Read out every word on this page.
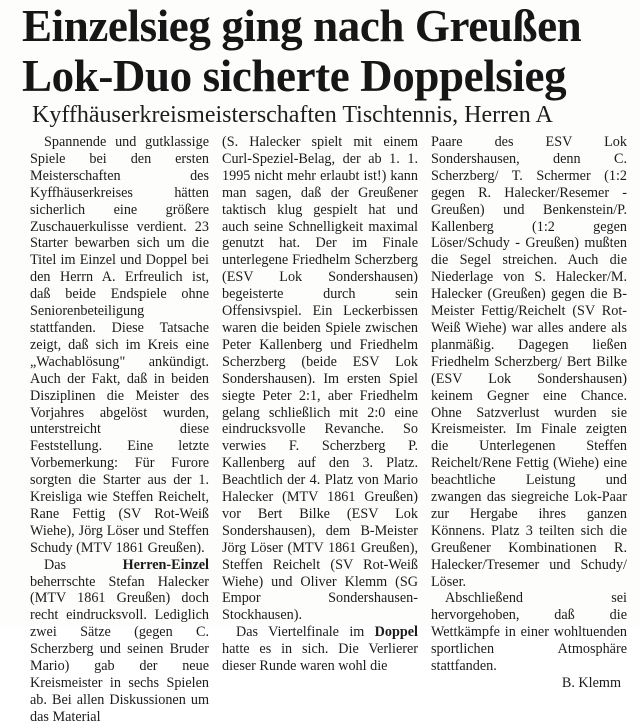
Einzelsieg ging nach Greußen
Lok-Duo sicherte Doppelsieg
Kyffhäuserkreismeisterschaften Tischtennis, Herren A

Spannende und gutklassige Spiele bei den ersten Meisterschaften des Kyffhäuserkreises hätten sicherlich eine größere Zuschauerkulisse verdient. 23 Starter bewarben sich um die Titel im Einzel und Doppel bei den Herrn A. Erfreulich ist, daß beide Endspiele ohne Seniorenbeteiligung stattfanden. Diese Tatsache zeigt, daß sich im Kreis eine „Wachablösung" ankündigt. Auch der Fakt, daß in beiden Disziplinen die Meister des Vorjahres abgelöst wurden, unterstreicht diese Feststellung. Eine letzte Vorbemerkung: Für Furore sorgten die Starter aus der 1. Kreisliga wie Steffen Reichelt, Rane Fettig (SV Rot-Weiß Wiehe), Jörg Löser und Steffen Schudy (MTV 1861 Greußen).

Das	Herren-Einzel beherrschte Stefan Halecker (MTV 1861 Greußen) doch recht eindrucksvoll. Lediglich zwei Sätze (gegen C. Scherzberg und seinen Bruder Mario) gab der neue Kreismeister in sechs Spielen ab. Bei allen Diskussionen um das Material

(S. Halecker spielt mit einem Curl-Speziel-Belag, der ab 1. 1. 1995 nicht mehr erlaubt ist!) kann man sagen, daß der Greußener taktisch klug gespielt hat und auch seine Schnelligkeit maximal genutzt hat. Der im Finale unterlegene Friedhelm Scherzberg (ESV Lok Sondershausen) begeisterte durch sein Offensivspiel. Ein Leckerbissen waren die beiden Spiele zwischen Peter Kallenberg und Friedhelm Scherzberg (beide ESV Lok Sondershausen). Im ersten Spiel siegte Peter 2:1, aber Friedhelm gelang schließlich mit 2:0 eine eindrucksvolle Revanche. So verwies F. Scherzberg P. Kallenberg auf den 3. Platz. Beachtlich der 4. Platz von Mario Halecker (MTV 1861 Greußen) vor Bert Bilke (ESV Lok Sondershausen), dem B-Meister Jörg Löser (MTV 1861 Greußen), Steffen Reichelt (SV Rot-Weiß Wiehe) und Oliver Klemm (SG Empor Sondershausen-Stockhausen).

Das Viertelfinale im Doppel hatte es in sich. Die Verlierer dieser Runde waren wohl die

Paare des ESV Lok Sondershausen, denn C. Scherzberg/ T. Schermer (1:2 gegen R. Halecker/Resemer - Greußen) und Benkenstein/P. Kallenberg (1:2 gegen Löser/Schudy - Greußen) mußten die Segel streichen. Auch die Niederlage von S. Halecker/M. Halecker (Greußen) gegen die B-Meister Fettig/Reichelt (SV Rot-Weiß Wiehe) war alles andere als planmäßig. Dagegen ließen Friedhelm Scherzberg/ Bert Bilke (ESV Lok Sondershausen) keinem Gegner eine Chance. Ohne Satzverlust wurden sie Kreismeister. Im Finale zeigten die Unterlegenen Steffen Reichelt/Rene Fettig (Wiehe) eine beachtliche Leistung und zwangen das siegreiche Lok-Paar zur Hergabe ihres ganzen Könnens. Platz 3 teilten sich die Greußener Kombinationen R. Halecker/Tresemer und Schudy/ Löser.

Abschließend sei hervorgehoben, daß die Wettkämpfe in einer wohltuenden sportlichen Atmosphäre stattfanden.

B. Klemm
